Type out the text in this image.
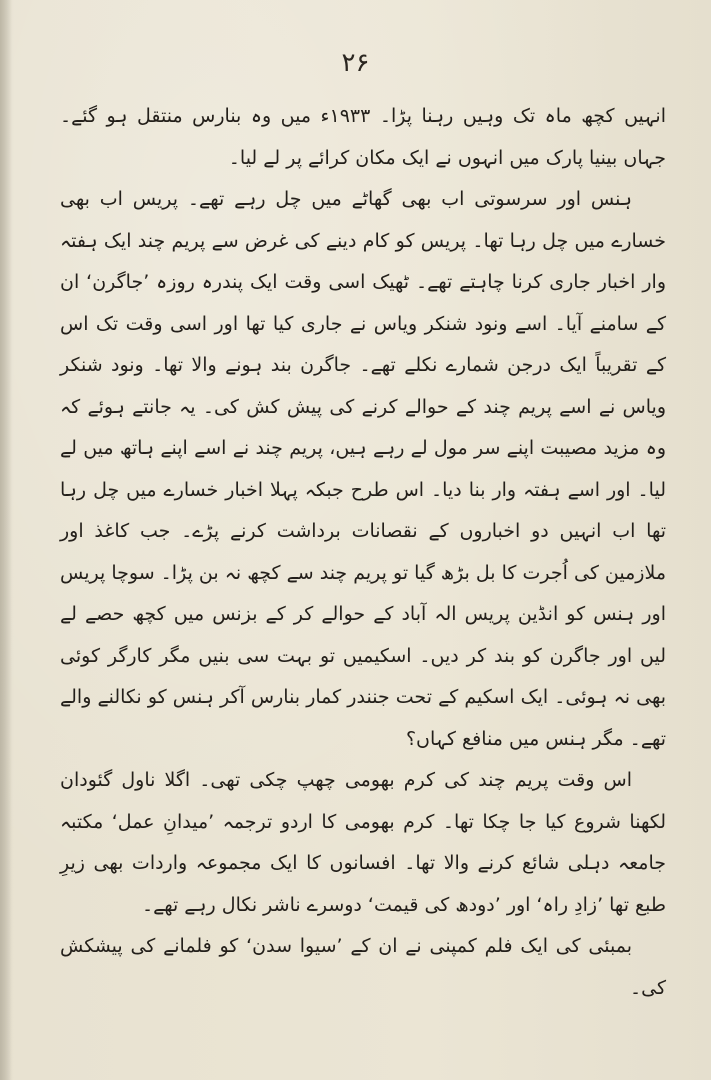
۲۶

انہیں کچھ ماہ تک وہیں رہنا پڑا۔ ۱۹۳۳ء میں وہ بنارس منتقل ہو گئے۔ جہاں بینیا پارک میں انہوں نے ایک مکان کرائے پر لے لیا۔

ہنس اور سرسوتی اب بھی گھاٹے میں چل رہے تھے۔ پریس اب بھی خسارے میں چل رہا تھا۔ پریس کو کام دینے کی غرض سے پریم چند ایک ہفتہ وار اخبار جاری کرنا چاہتے تھے۔ ٹھیک اسی وقت ایک پندرہ روزہ ’جاگرن‘ ان کے سامنے آیا۔ اسے ونود شنکر ویاس نے جاری کیا تھا اور اسی وقت تک اس کے تقریباً ایک درجن شمارے نکلے تھے۔ جاگرن بند ہونے والا تھا۔ ونود شنکر ویاس نے اسے پریم چند کے حوالے کرنے کی پیش کش کی۔ یہ جانتے ہوئے کہ وہ مزید مصیبت اپنے سر مول لے رہے ہیں، پریم چند نے اسے اپنے ہاتھ میں لے لیا۔ اور اسے ہفتہ وار بنا دیا۔ اس طرح جبکہ پہلا اخبار خسارے میں چل رہا تھا اب انہیں دو اخباروں کے نقصانات برداشت کرنے پڑے۔ جب کاغذ اور ملازمین کی اُجرت کا بل بڑھ گیا تو پریم چند سے کچھ نہ بن پڑا۔ سوچا پریس اور ہنس کو انڈین پریس الہ آباد کے حوالے کر کے بزنس میں کچھ حصے لے لیں اور جاگرن کو بند کر دیں۔ اسکیمیں تو بہت سی بنیں مگر کارگر کوئی بھی نہ ہوئی۔ ایک اسکیم کے تحت جنندر کمار بنارس آکر ہنس کو نکالنے والے تھے۔ مگر ہنس میں منافع کہاں؟

اس وقت پریم چند کی کرم بھومی چھپ چکی تھی۔ اگلا ناول گئودان لکھنا شروع کیا جا چکا تھا۔ کرم بھومی کا اردو ترجمہ ’میدانِ عمل‘ مکتبہ جامعہ دہلی شائع کرنے والا تھا۔ افسانوں کا ایک مجموعہ واردات بھی زیرِ طبع تھا ’زادِ راہ‘ اور ’دودھ کی قیمت‘ دوسرے ناشر نکال رہے تھے۔

بمبئی کی ایک فلم کمپنی نے ان کے ’سیوا سدن‘ کو فلمانے کی پیشکش کی۔
